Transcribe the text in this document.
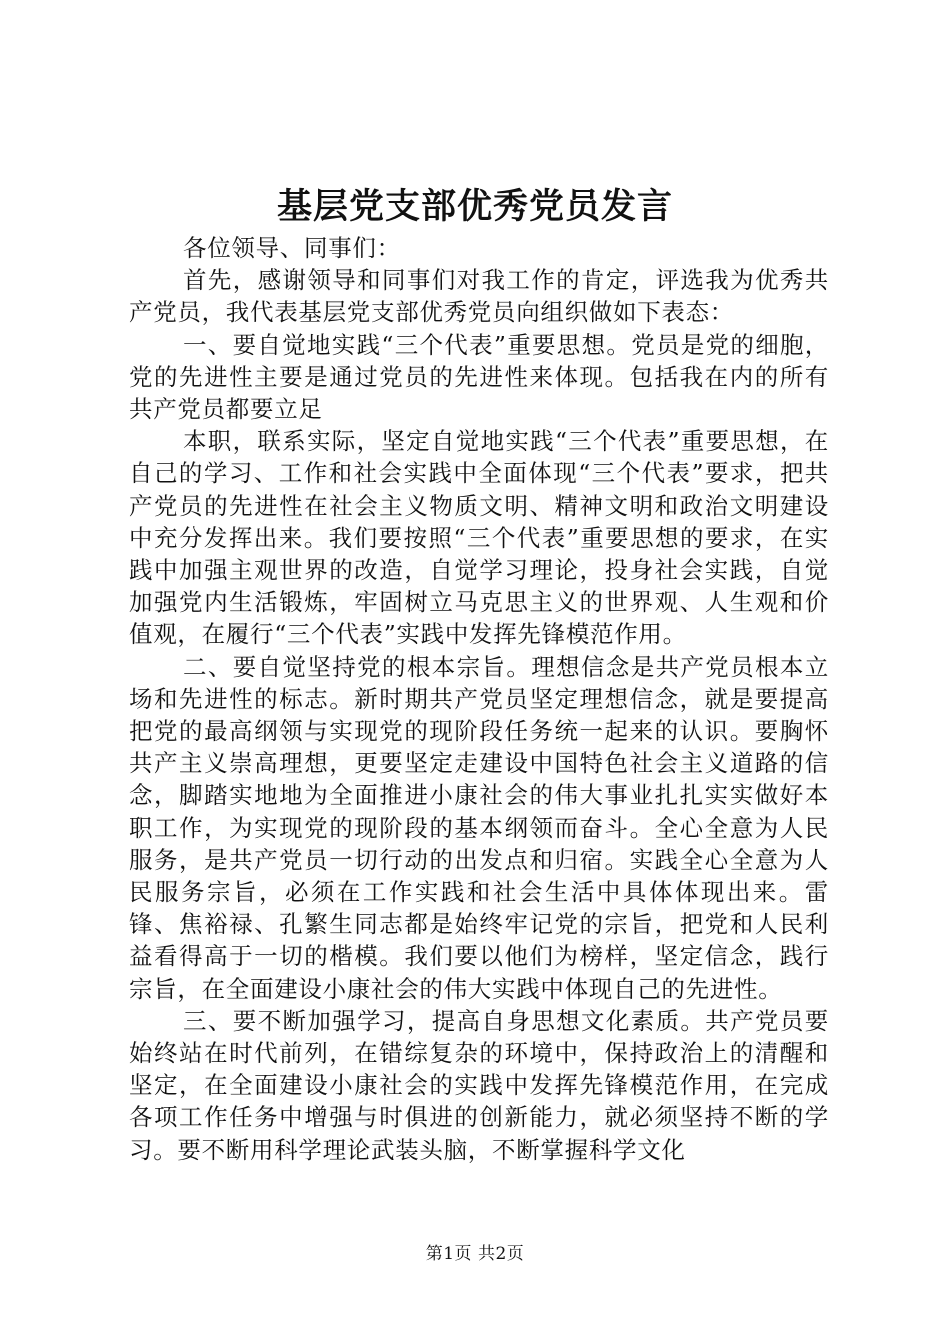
基层党支部优秀党员发言

各位领导、同事们：

首先，感谢领导和同事们对我工作的肯定，评选我为优秀共产党员，我代表基层党支部优秀党员向组织做如下表态：

一、要自觉地实践“三个代表”重要思想。党员是党的细胞，党的先进性主要是通过党员的先进性来体现。包括我在内的所有共产党员都要立足

本职，联系实际，坚定自觉地实践“三个代表”重要思想，在自己的学习、工作和社会实践中全面体现“三个代表”要求，把共产党员的先进性在社会主义物质文明、精神文明和政治文明建设中充分发挥出来。我们要按照“三个代表”重要思想的要求，在实践中加强主观世界的改造，自觉学习理论，投身社会实践，自觉加强党内生活锻炼，牢固树立马克思主义的世界观、人生观和价值观，在履行“三个代表”实践中发挥先锋模范作用。

二、要自觉坚持党的根本宗旨。理想信念是共产党员根本立场和先进性的标志。新时期共产党员坚定理想信念，就是要提高把党的最高纲领与实现党的现阶段任务统一起来的认识。要胸怀共产主义崇高理想，更要坚定走建设中国特色社会主义道路的信念，脚踏实地地为全面推进小康社会的伟大事业扎扎实实做好本职工作，为实现党的现阶段的基本纲领而奋斗。全心全意为人民服务，是共产党员一切行动的出发点和归宿。实践全心全意为人民服务宗旨，必须在工作实践和社会生活中具体体现出来。雷锋、焦裕禄、孔繁生同志都是始终牢记党的宗旨，把党和人民利益看得高于一切的楷模。我们要以他们为榜样，坚定信念，践行宗旨，在全面建设小康社会的伟大实践中体现自己的先进性。

三、要不断加强学习，提高自身思想文化素质。共产党员要始终站在时代前列，在错综复杂的环境中，保持政治上的清醒和坚定，在全面建设小康社会的实践中发挥先锋模范作用，在完成各项工作任务中增强与时俱进的创新能力，就必须坚持不断的学习。要不断用科学理论武装头脑，不断掌握科学文化

第1页 共2页
